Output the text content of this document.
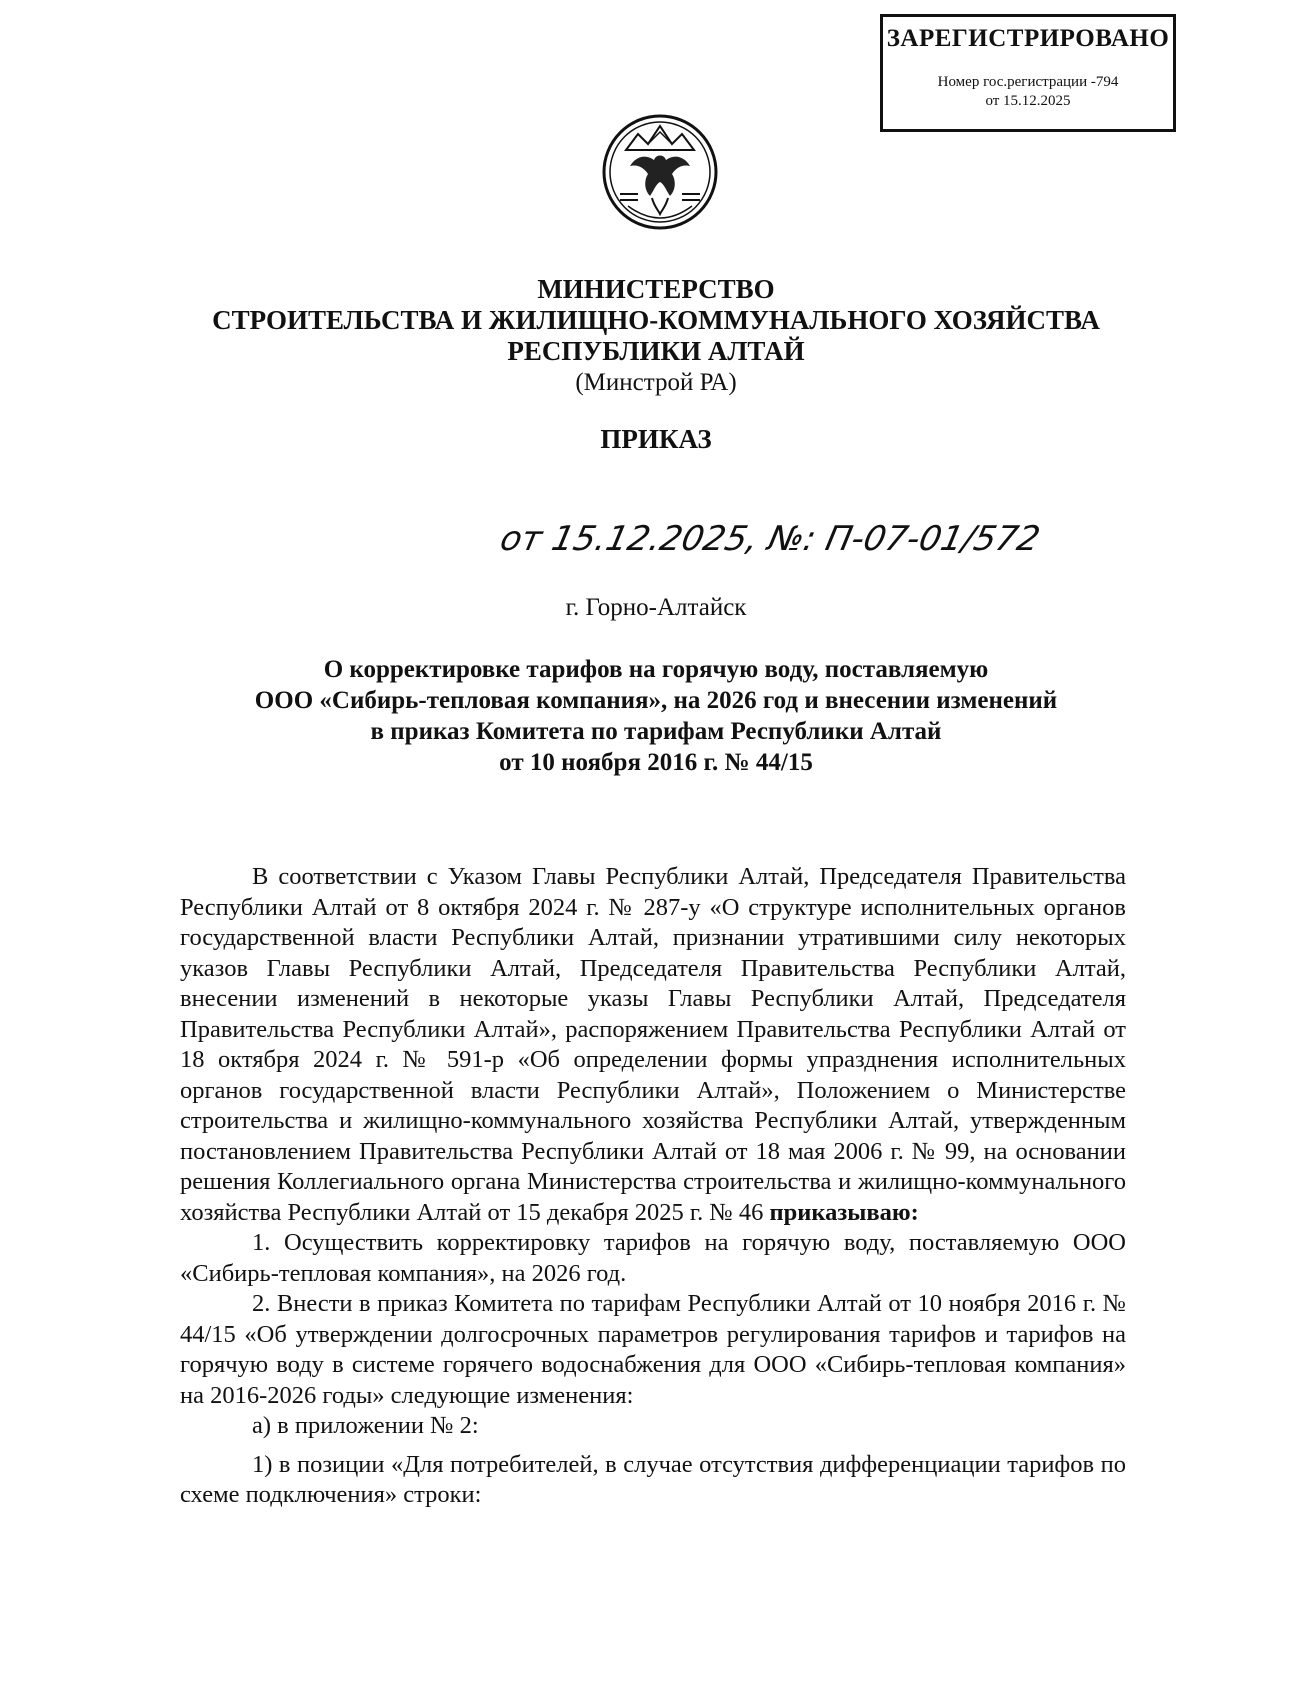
ЗАРЕГИСТРИРОВАНО
Номер гос.регистрации -794
от 15.12.2025
МИНИСТЕРСТВО
СТРОИТЕЛЬСТВА И ЖИЛИЩНО-КОММУНАЛЬНОГО ХОЗЯЙСТВА
РЕСПУБЛИКИ АЛТАЙ
(Минстрой РА)
ПРИКАЗ
от 15.12.2025, №: П-07-01/572
г. Горно-Алтайск
О корректировке тарифов на горячую воду, поставляемую
ООО «Сибирь-тепловая компания», на 2026 год и внесении изменений
в приказ Комитета по тарифам Республики Алтай
от 10 ноября 2016 г. № 44/15

В соответствии с Указом Главы Республики Алтай, Председателя Правительства Республики Алтай от 8 октября 2024 г. № 287-у «О структуре исполнительных органов государственной власти Республики Алтай, признании утратившими силу некоторых указов Главы Республики Алтай, Председателя Правительства Республики Алтай, внесении изменений в некоторые указы Главы Республики Алтай, Председателя Правительства Республики Алтай», распоряжением Правительства Республики Алтай от 18 октября 2024 г. № 591-р «Об определении формы упразднения исполнительных органов государственной власти Республики Алтай», Положением о Министерстве строительства и жилищно-коммунального хозяйства Республики Алтай, утвержденным постановлением Правительства Республики Алтай от 18 мая 2006 г. № 99, на основании решения Коллегиального органа Министерства строительства и жилищно-коммунального хозяйства Республики Алтай от 15 декабря 2025 г. № 46 приказываю:

1. Осуществить корректировку тарифов на горячую воду, поставляемую ООО «Сибирь-тепловая компания», на 2026 год.

2. Внести в приказ Комитета по тарифам Республики Алтай от 10 ноября 2016 г. № 44/15 «Об утверждении долгосрочных параметров регулирования тарифов и тарифов на горячую воду в системе горячего водоснабжения для ООО «Сибирь-тепловая компания» на 2016-2026 годы» следующие изменения:

а) в приложении № 2:

1) в позиции «Для потребителей, в случае отсутствия дифференциации тарифов по схеме подключения» строки:
